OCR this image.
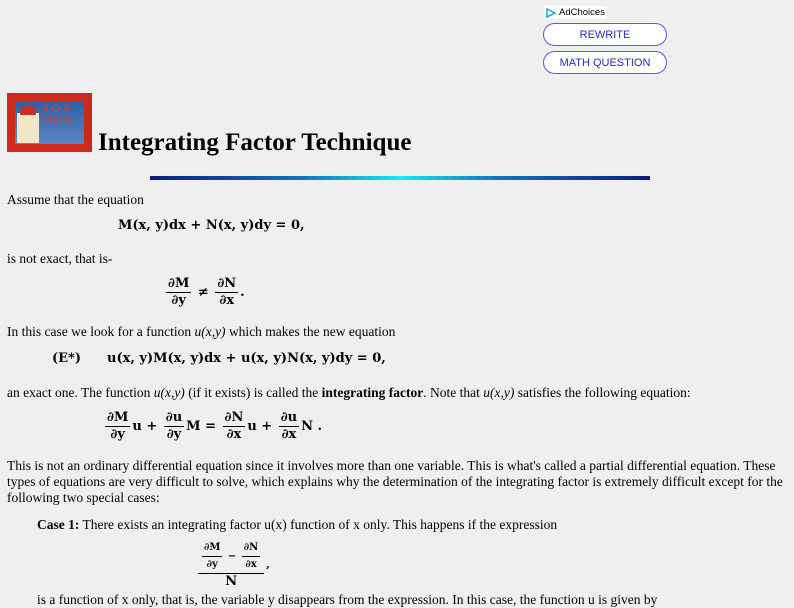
AdChoices
REWRITE
MATH QUESTION
S.O.S.
MATH
Integrating Factor Technique

Assume that the equation

M(x, y)dx + N(x, y)dy = 0,

is not exact, that is-

$\frac{\partial M}{\partial y} \ne \frac{\partial N}{\partial x}$ .

In this case we look for a function u(x,y) which makes the new equation

(E*) u(x, y)M(x, y)dx + u(x, y)N(x, y)dy = 0,

an exact one. The function u(x,y) (if it exists) is called the integrating factor. Note that u(x,y) satisfies the following equation:

$\frac{\partial M}{\partial y}$ $u + \frac{\partial u}{\partial y}$ $M = \frac{\partial N}{\partial x}$ $u + \frac{\partial u}{\partial x}$ N .

This is not an ordinary differential equation since it involves more than one variable. This is what's called a partial differential equation. These types of equations are very difficult to solve, which explains why the determination of the integrating factor is extremely difficult except for the following two special cases:

Case 1: There exists an integrating factor u(x) function of x only. This happens if the expression

$\frac{\frac{\partial M}{\partial y} - \frac{\partial N}{\partial x}}{N}$ ,

is a function of x only, that is, the variable y disappears from the expression. In this case, the function u is given by
